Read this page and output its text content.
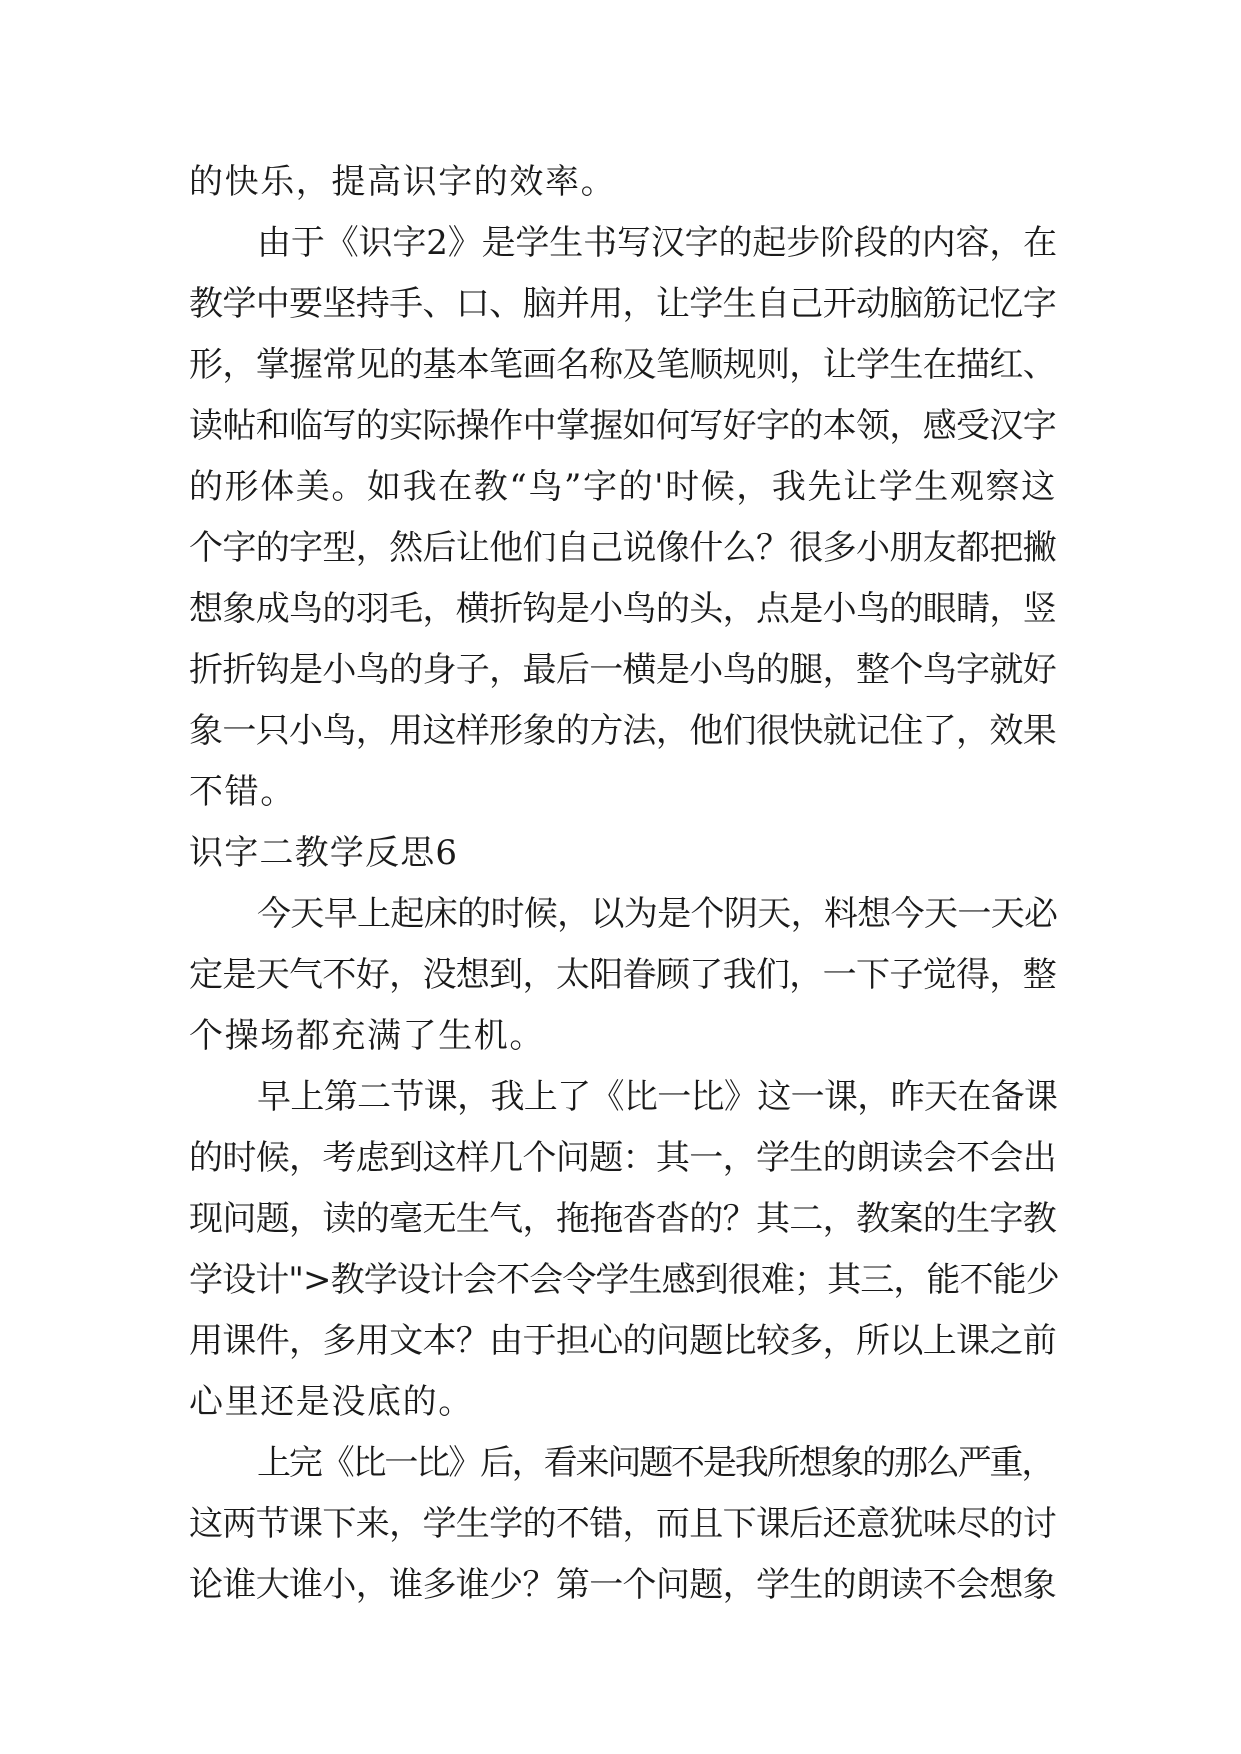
的快乐，提高识字的效率。
由于《识字2》是学生书写汉字的起步阶段的内容，在
教学中要坚持手、口、脑并用，让学生自己开动脑筋记忆字
形，掌握常见的基本笔画名称及笔顺规则，让学生在描红、
读帖和临写的实际操作中掌握如何写好字的本领，感受汉字
的形体美。如我在教“鸟”字的'时候，我先让学生观察这
个字的字型，然后让他们自己说像什么？很多小朋友都把撇
想象成鸟的羽毛，横折钩是小鸟的头，点是小鸟的眼睛，竖
折折钩是小鸟的身子，最后一横是小鸟的腿，整个鸟字就好
象一只小鸟，用这样形象的方法，他们很快就记住了，效果
不错。
识字二教学反思6
今天早上起床的时候，以为是个阴天，料想今天一天必
定是天气不好，没想到，太阳眷顾了我们，一下子觉得，整
个操场都充满了生机。
早上第二节课，我上了《比一比》这一课，昨天在备课
的时候，考虑到这样几个问题：其一，学生的朗读会不会出
现问题，读的毫无生气，拖拖沓沓的？其二，教案的生字教
学设计">教学设计会不会令学生感到很难；其三，能不能少
用课件，多用文本？由于担心的问题比较多，所以上课之前
心里还是没底的。
上完《比一比》后，看来问题不是我所想象的那么严重，
这两节课下来，学生学的不错，而且下课后还意犹味尽的讨
论谁大谁小，谁多谁少？第一个问题，学生的朗读不会想象
